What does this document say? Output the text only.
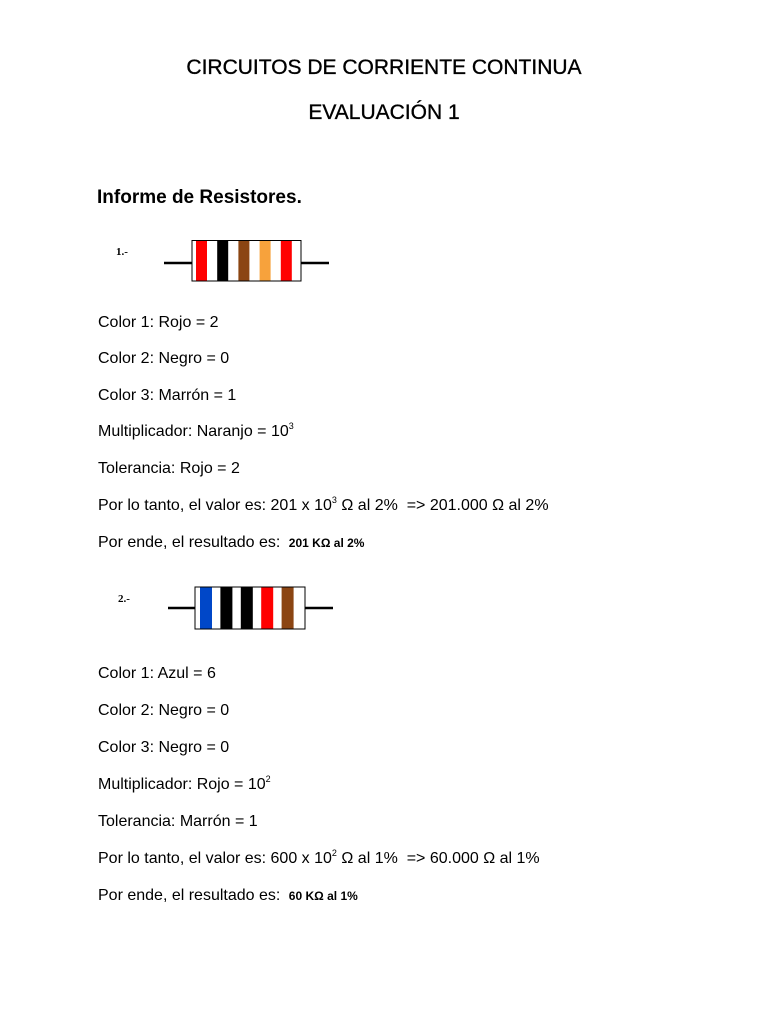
CIRCUITOS DE CORRIENTE CONTINUA
EVALUACIÓN 1
Informe de Resistores.
1.-
Color 1: Rojo = 2
Color 2: Negro = 0
Color 3: Marrón = 1
Multiplicador: Naranjo = $10^3$
Tolerancia: Rojo = 2
Por lo tanto, el valor es: 201 x $10^3$ Ω al 2%  => 201.000 Ω al 2%
Por ende, el resultado es: 201 KΩ al 2%
2.-
Color 1: Azul = 6
Color 2: Negro = 0
Color 3: Negro = 0
Multiplicador: Rojo = $10^2$
Tolerancia: Marrón = 1
Por lo tanto, el valor es: 600 x $10^2$ Ω al 1%  => 60.000 Ω al 1%
Por ende, el resultado es: 60 KΩ al 1%
